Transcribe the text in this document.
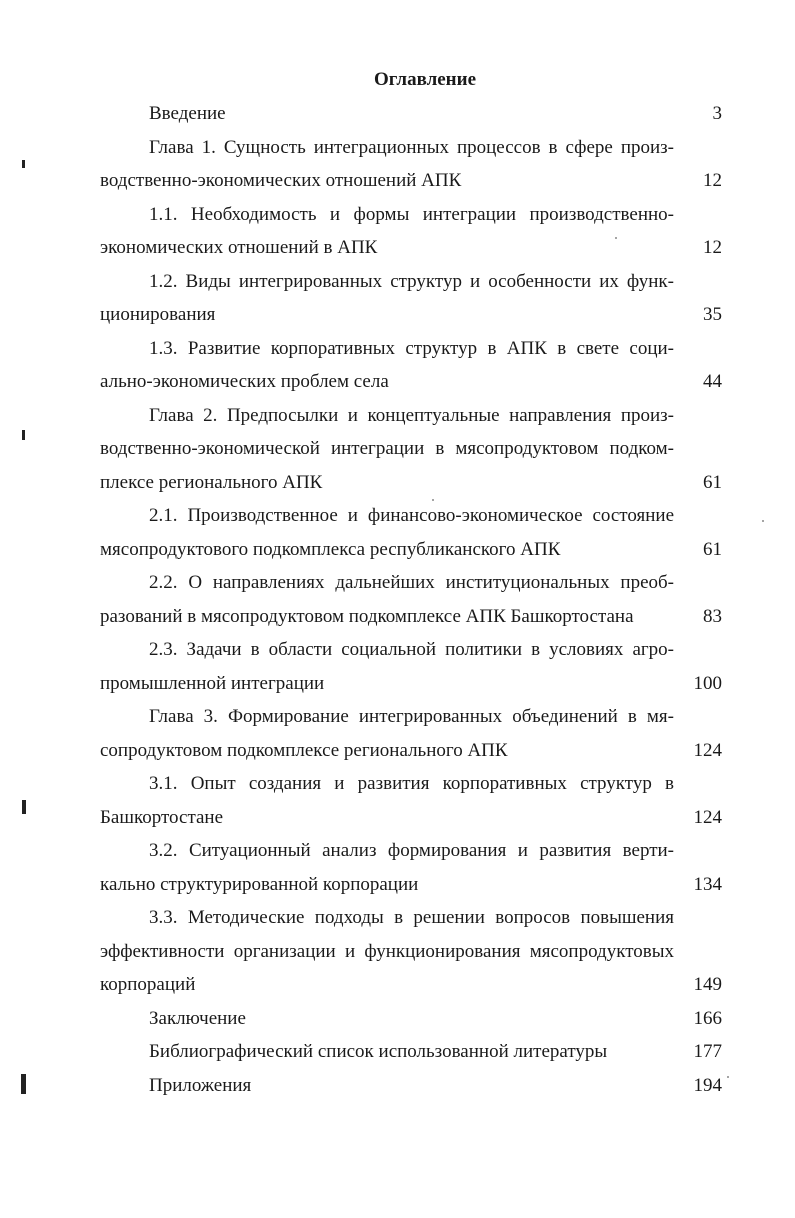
Оглавление
Введение	3
Глава 1. Сущность интеграционных процессов в сфере произ-
водственно-экономических отношений АПК	12
1.1. Необходимость и формы интеграции производственно-
экономических отношений в АПК	12
1.2. Виды интегрированных структур и особенности их функ-
ционирования	35
1.3. Развитие корпоративных структур в АПК в свете соци-
ально-экономических проблем села	44
Глава 2. Предпосылки и концептуальные направления произ-
водственно-экономической интеграции в мясопродуктовом подком-
плексе регионального АПК	61
2.1. Производственное и финансово-экономическое состояние
мясопродуктового подкомплекса республиканского АПК	61
2.2. О направлениях дальнейших институциональных преоб-
разований в мясопродуктовом подкомплексе АПК Башкортостана	83
2.3. Задачи в области социальной политики в условиях агро-
промышленной интеграции	100
Глава 3. Формирование интегрированных объединений в мя-
сопродуктовом подкомплексе регионального АПК	124
3.1. Опыт создания и развития корпоративных структур в
Башкортостане	124
3.2. Ситуационный анализ формирования и развития верти-
кально структурированной корпорации	134
3.3. Методические подходы в решении вопросов повышения
эффективности организации и функционирования мясопродуктовых
корпораций	149
Заключение	166
Библиографический список использованной литературы	177
Приложения	194
